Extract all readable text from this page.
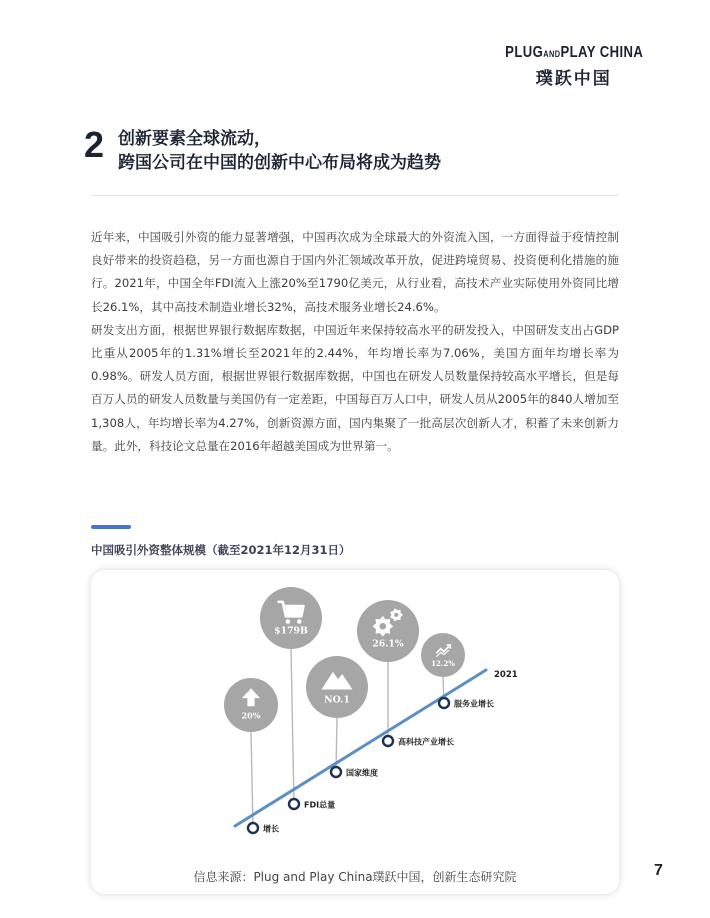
PLUGANDPLAY CHINA
璞跃中国
2 创新要素全球流动，
跨国公司在中国的创新中心布局将成为趋势

近年来，中国吸引外资的能力显著增强，中国再次成为全球最大的外资流入国，一方面得益于疫情控制良好带来的投资趋稳，另一方面也源自于国内外汇领域改革开放，促进跨境贸易、投资便利化措施的施行。2021年，中国全年FDI流入上涨20%至1790亿美元，从行业看，高技术产业实际使用外资同比增长26.1%，其中高技术制造业增长32%，高技术服务业增长24.6%。

研发支出方面，根据世界银行数据库数据，中国近年来保持较高水平的研发投入，中国研发支出占GDP比重从2005年的1.31%增长至2021年的2.44%，年均增长率为7.06%，美国方面年均增长率为0.98%。研发人员方面，根据世界银行数据库数据，中国也在研发人员数量保持较高水平增长，但是每百万人员的研发人员数量与美国仍有一定差距，中国每百万人口中，研发人员从2005年的840人增加至1,308人，年均增长率为4.27%，创新资源方面，国内集聚了一批高层次创新人才，积蓄了未来创新力量。此外，科技论文总量在2016年超越美国成为世界第一。

中国吸引外资整体规模（截至2021年12月31日）
2021
20%
$179B
NO.1
26.1%
12.2%
增长
FDI总量
国家维度
高科技产业增长
服务业增长
信息来源：Plug and Play China璞跃中国，创新生态研究院	7
